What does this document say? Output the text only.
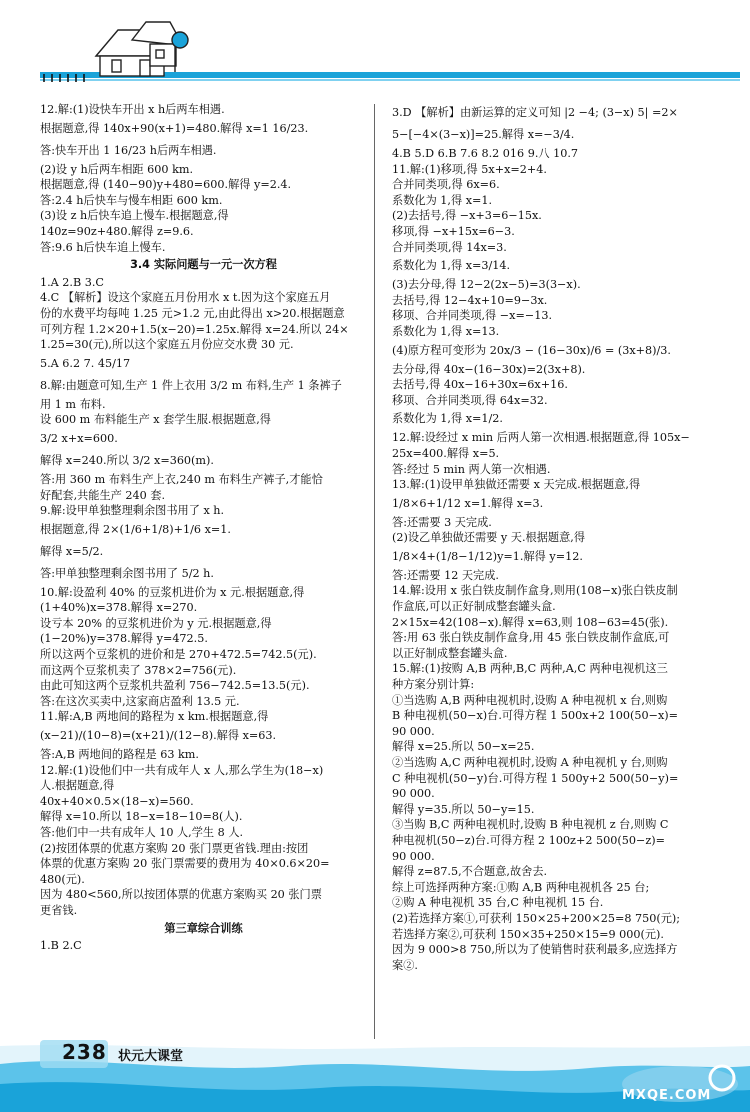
12.解:(1)设快车开出 x h后两车相遇.
根据题意,得 140x+90(x+1)=480.解得 x=1 16/23.
答:快车开出 1 16/23 h后两车相遇.
(2)设 y h后两车相距 600 km.
根据题意,得 (140−90)y+480=600.解得 y=2.4.
答:2.4 h后快车与慢车相距 600 km.
(3)设 z h后快车追上慢车.根据题意,得
140z=90z+480.解得 z=9.6.
答:9.6 h后快车追上慢车.
3.4 实际问题与一元一次方程
1.A 2.B 3.C
4.C 【解析】设这个家庭五月份用水 x t.因为这个家庭五月
份的水费平均每吨 1.25 元>1.2 元,由此得出 x>20.根据题意
可列方程 1.2×20+1.5(x−20)=1.25x.解得 x=24.所以 24×
1.25=30(元),所以这个家庭五月份应交水费 30 元.
5.A 6.2 7. 45/17
8.解:由题意可知,生产 1 件上衣用 3/2 m 布料,生产 1 条裤子
用 1 m 布料.
设 600 m 布料能生产 x 套学生服.根据题意,得
3/2 x+x=600.
解得 x=240.所以 3/2 x=360(m).
答:用 360 m 布料生产上衣,240 m 布料生产裤子,才能恰
好配套,共能生产 240 套.
9.解:设甲单独整理剩余图书用了 x h.
根据题意,得 2×(1/6+1/8)+1/6 x=1.
解得 x=5/2.
答:甲单独整理剩余图书用了 5/2 h.
10.解:设盈利 40% 的豆浆机进价为 x 元.根据题意,得
(1+40%)x=378.解得 x=270.
设亏本 20% 的豆浆机进价为 y 元.根据题意,得
(1−20%)y=378.解得 y=472.5.
所以这两个豆浆机的进价和是 270+472.5=742.5(元).
而这两个豆浆机卖了 378×2=756(元).
由此可知这两个豆浆机共盈利 756−742.5=13.5(元).
答:在这次买卖中,这家商店盈利 13.5 元.
11.解:A,B 两地间的路程为 x km.根据题意,得
(x−21)/(10−8)=(x+21)/(12−8).解得 x=63.
答:A,B 两地间的路程是 63 km.
12.解:(1)设他们中一共有成年人 x 人,那么学生为(18−x)
人.根据题意,得
40x+40×0.5×(18−x)=560.
解得 x=10.所以 18−x=18−10=8(人).
答:他们中一共有成年人 10 人,学生 8 人.
(2)按团体票的优惠方案购 20 张门票更省钱.理由:按团
体票的优惠方案购 20 张门票需要的费用为 40×0.6×20=
480(元).
因为 480<560,所以按团体票的优惠方案购买 20 张门票
更省钱.
第三章综合训练
1.B 2.C
3.D 【解析】由新运算的定义可知 |2 −4; (3−x) 5| =2×
5−[−4×(3−x)]=25.解得 x=−3/4.
4.B 5.D 6.B 7.6 8.2 016 9.八 10.7
11.解:(1)移项,得 5x+x=2+4.
合并同类项,得 6x=6.
系数化为 1,得 x=1.
(2)去括号,得 −x+3=6−15x.
移项,得 −x+15x=6−3.
合并同类项,得 14x=3.
系数化为 1,得 x=3/14.
(3)去分母,得 12−2(2x−5)=3(3−x).
去括号,得 12−4x+10=9−3x.
移项、合并同类项,得 −x=−13.
系数化为 1,得 x=13.
(4)原方程可变形为 20x/3 − (16−30x)/6 = (3x+8)/3.
去分母,得 40x−(16−30x)=2(3x+8).
去括号,得 40x−16+30x=6x+16.
移项、合并同类项,得 64x=32.
系数化为 1,得 x=1/2.
12.解:设经过 x min 后两人第一次相遇.根据题意,得 105x−
25x=400.解得 x=5.
答:经过 5 min 两人第一次相遇.
13.解:(1)设甲单独做还需要 x 天完成.根据题意,得
1/8×6+1/12 x=1.解得 x=3.
答:还需要 3 天完成.
(2)设乙单独做还需要 y 天.根据题意,得
1/8×4+(1/8−1/12)y=1.解得 y=12.
答:还需要 12 天完成.
14.解:设用 x 张白铁皮制作盒身,则用(108−x)张白铁皮制
作盒底,可以正好制成整套罐头盒.
2×15x=42(108−x).解得 x=63,则 108−63=45(张).
答:用 63 张白铁皮制作盒身,用 45 张白铁皮制作盒底,可
以正好制成整套罐头盒.
15.解:(1)按购 A,B 两种,B,C 两种,A,C 两种电视机这三
种方案分别计算:
①当选购 A,B 两种电视机时,设购 A 种电视机 x 台,则购
B 种电视机(50−x)台.可得方程 1 500x+2 100(50−x)=
90 000.
解得 x=25.所以 50−x=25.
②当选购 A,C 两种电视机时,设购 A 种电视机 y 台,则购
C 种电视机(50−y)台.可得方程 1 500y+2 500(50−y)=
90 000.
解得 y=35.所以 50−y=15.
③当购 B,C 两种电视机时,设购 B 种电视机 z 台,则购 C
种电视机(50−z)台.可得方程 2 100z+2 500(50−z)=
90 000.
解得 z=87.5,不合题意,故舍去.
综上可选择两种方案:①购 A,B 两种电视机各 25 台;
②购 A 种电视机 35 台,C 种电视机 15 台.
(2)若选择方案①,可获利 150×25+200×25=8 750(元);
若选择方案②,可获利 150×35+250×15=9 000(元).
因为 9 000>8 750,所以为了使销售时获利最多,应选择方
案②.
238 状元大课堂
MXQE.COM
